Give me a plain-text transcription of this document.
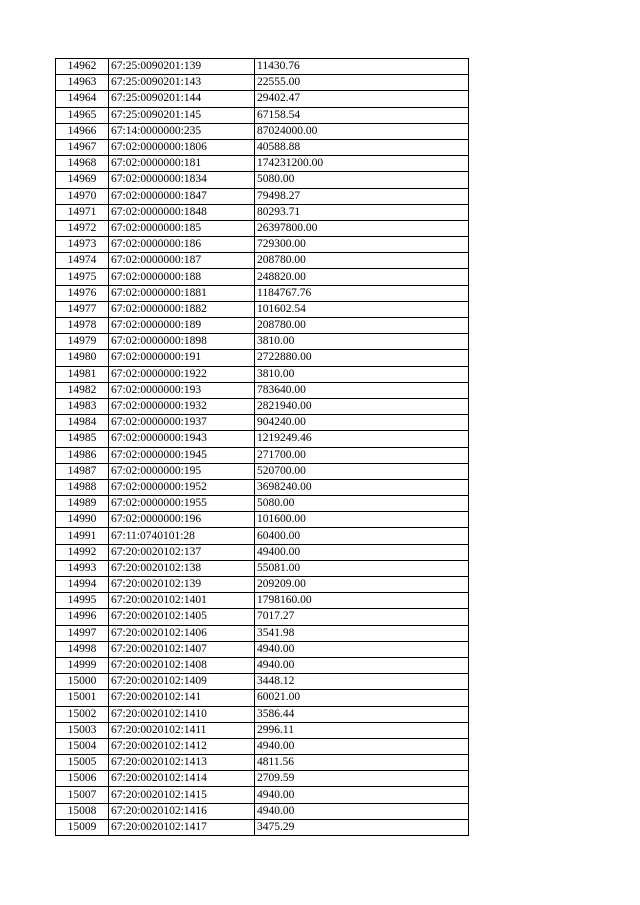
14962	67:25:0090201:139	11430.76
14963	67:25:0090201:143	22555.00
14964	67:25:0090201:144	29402.47
14965	67:25:0090201:145	67158.54
14966	67:14:0000000:235	87024000.00
14967	67:02:0000000:1806	40588.88
14968	67:02:0000000:181	174231200.00
14969	67:02:0000000:1834	5080.00
14970	67:02:0000000:1847	79498.27
14971	67:02:0000000:1848	80293.71
14972	67:02:0000000:185	26397800.00
14973	67:02:0000000:186	729300.00
14974	67:02:0000000:187	208780.00
14975	67:02:0000000:188	248820.00
14976	67:02:0000000:1881	1184767.76
14977	67:02:0000000:1882	101602.54
14978	67:02:0000000:189	208780.00
14979	67:02:0000000:1898	3810.00
14980	67:02:0000000:191	2722880.00
14981	67:02:0000000:1922	3810.00
14982	67:02:0000000:193	783640.00
14983	67:02:0000000:1932	2821940.00
14984	67:02:0000000:1937	904240.00
14985	67:02:0000000:1943	1219249.46
14986	67:02:0000000:1945	271700.00
14987	67:02:0000000:195	520700.00
14988	67:02:0000000:1952	3698240.00
14989	67:02:0000000:1955	5080.00
14990	67:02:0000000:196	101600.00
14991	67:11:0740101:28	60400.00
14992	67:20:0020102:137	49400.00
14993	67:20:0020102:138	55081.00
14994	67:20:0020102:139	209209.00
14995	67:20:0020102:1401	1798160.00
14996	67:20:0020102:1405	7017.27
14997	67:20:0020102:1406	3541.98
14998	67:20:0020102:1407	4940.00
14999	67:20:0020102:1408	4940.00
15000	67:20:0020102:1409	3448.12
15001	67:20:0020102:141	60021.00
15002	67:20:0020102:1410	3586.44
15003	67:20:0020102:1411	2996.11
15004	67:20:0020102:1412	4940.00
15005	67:20:0020102:1413	4811.56
15006	67:20:0020102:1414	2709.59
15007	67:20:0020102:1415	4940.00
15008	67:20:0020102:1416	4940.00
15009	67:20:0020102:1417	3475.29
